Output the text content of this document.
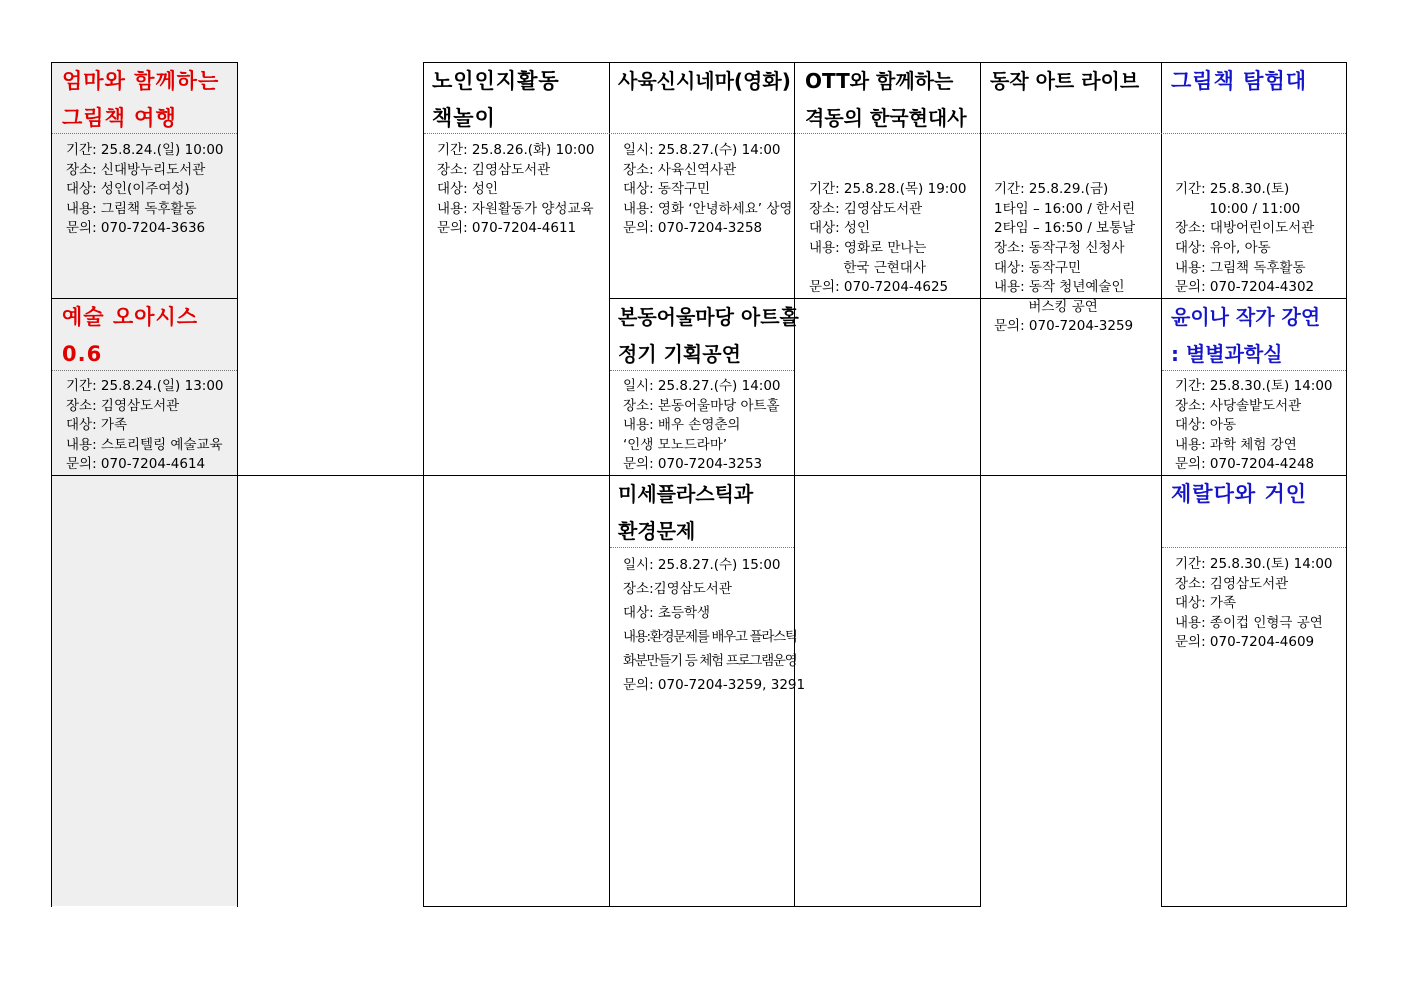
엄마와 함께하는
그림책 여행
기간: 25.8.24.(일) 10:00
장소: 신대방누리도서관
대상: 성인(이주여성)
내용: 그림책 독후활동
문의: 070-7204-3636
노인인지활동
책놀이
기간: 25.8.26.(화) 10:00
장소: 김영삼도서관
대상: 성인
내용: 자원활동가 양성교육
문의: 070-7204-4611
사육신시네마(영화)
일시: 25.8.27.(수) 14:00
장소: 사육신역사관
대상: 동작구민
내용: 영화 ‘안녕하세요’ 상영
문의: 070-7204-3258
OTT와 함께하는
격동의 한국현대사

기간: 25.8.28.(목) 19:00
장소: 김영삼도서관
대상: 성인
내용: 영화로 만나는
한국 근현대사
문의: 070-7204-4625

동작 아트 라이브

기간: 25.8.29.(금)
1타임 – 16:00 / 한서린
2타임 – 16:50 / 보통날
장소: 동작구청 신청사
대상: 동작구민
내용: 동작 청년예술인
버스킹 공연
문의: 070-7204-3259

그림책 탐험대

기간: 25.8.30.(토)
10:00 / 11:00
장소: 대방어린이도서관
대상: 유아, 아동
내용: 그림책 독후활동
문의: 070-7204-4302

예술 오아시스
0.6
기간: 25.8.24.(일) 13:00
장소: 김영삼도서관
대상: 가족
내용: 스토리텔링 예술교육
문의: 070-7204-4614
본동어울마당 아트홀
정기 기획공연
일시: 25.8.27.(수) 14:00
장소: 본동어울마당 아트홀
내용: 배우 손영춘의
‘인생 모노드라마’
문의: 070-7204-3253
윤이나 작가 강연
: 별별과학실
기간: 25.8.30.(토) 14:00
장소: 사당솔밭도서관
대상: 아동
내용: 과학 체험 강연
문의: 070-7204-4248
미세플라스틱과
환경문제
일시: 25.8.27.(수) 15:00
장소:김영삼도서관
대상: 초등학생
내용:환경문제를 배우고 플라스틱
화분만들기 등 체험 프로그램운영
문의: 070-7204-3259, 3291
제랄다와 거인
기간: 25.8.30.(토) 14:00
장소: 김영삼도서관
대상: 가족
내용: 종이컵 인형극 공연
문의: 070-7204-4609
